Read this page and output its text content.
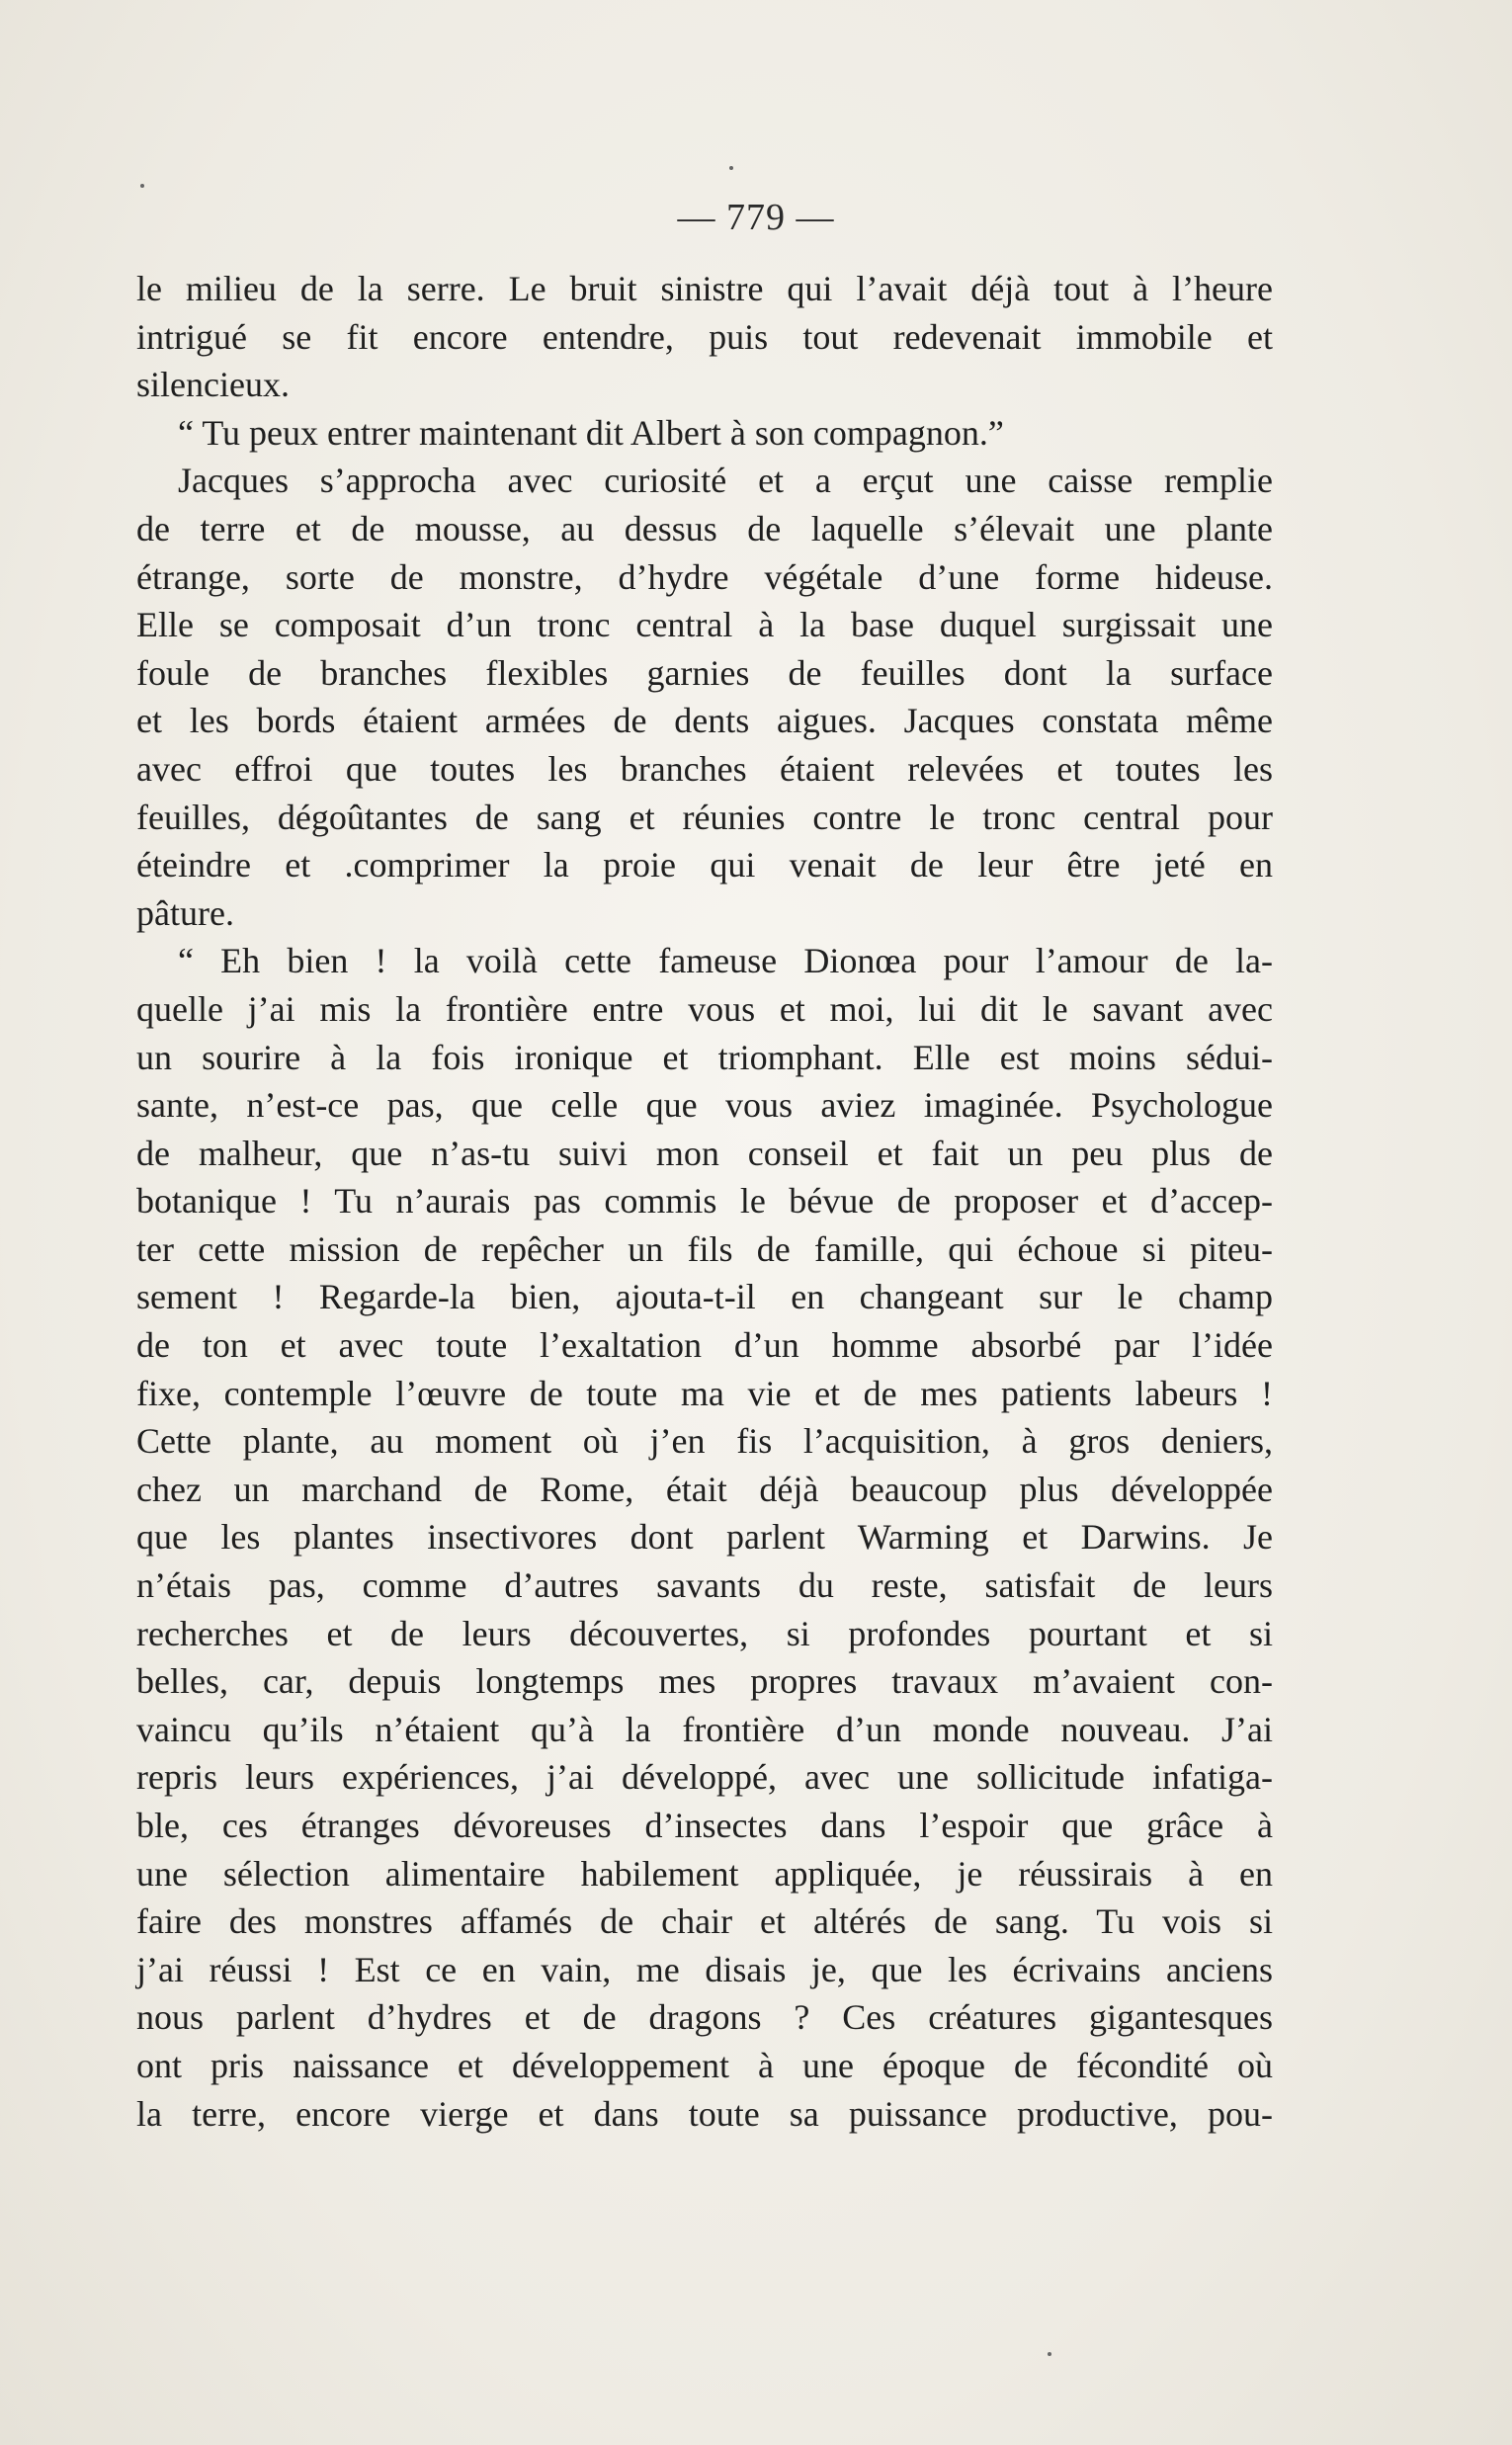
— 779 —
le milieu de la serre. Le bruit sinistre qui l’avait déjà tout à l’heure
intrigué se fit encore entendre, puis tout redevenait immobile et
silencieux.
“ Tu peux entrer maintenant dit Albert à son compagnon.”
Jacques s’approcha avec curiosité et a erçut une caisse remplie
de terre et de mousse, au dessus de laquelle s’élevait une plante
étrange, sorte de monstre, d’hydre végétale d’une forme hideuse.
Elle se composait d’un tronc central à la base duquel surgissait une
foule de branches flexibles garnies de feuilles dont la surface
et les bords étaient armées de dents aigues. Jacques constata même
avec effroi que toutes les branches étaient relevées et toutes les
feuilles, dégoûtantes de sang et réunies contre le tronc central pour
éteindre et .comprimer la proie qui venait de leur être jeté en
pâture.
“ Eh bien ! la voilà cette fameuse Dionœa pour l’amour de la-
quelle j’ai mis la frontière entre vous et moi, lui dit le savant avec
un sourire à la fois ironique et triomphant. Elle est moins sédui-
sante, n’est-ce pas, que celle que vous aviez imaginée. Psychologue
de malheur, que n’as-tu suivi mon conseil et fait un peu plus de
botanique ! Tu n’aurais pas commis le bévue de proposer et d’accep-
ter cette mission de repêcher un fils de famille, qui échoue si piteu-
sement ! Regarde-la bien, ajouta-t-il en changeant sur le champ
de ton et avec toute l’exaltation d’un homme absorbé par l’idée
fixe, contemple l’œuvre de toute ma vie et de mes patients labeurs !
Cette plante, au moment où j’en fis l’acquisition, à gros deniers,
chez un marchand de Rome, était déjà beaucoup plus développée
que les plantes insectivores dont parlent Warming et Darwins. Je
n’étais pas, comme d’autres savants du reste, satisfait de leurs
recherches et de leurs découvertes, si profondes pourtant et si
belles, car, depuis longtemps mes propres travaux m’avaient con-
vaincu qu’ils n’étaient qu’à la frontière d’un monde nouveau. J’ai
repris leurs expériences, j’ai développé, avec une sollicitude infatiga-
ble, ces étranges dévoreuses d’insectes dans l’espoir que grâce à
une sélection alimentaire habilement appliquée, je réussirais à en
faire des monstres affamés de chair et altérés de sang. Tu vois si
j’ai réussi ! Est ce en vain, me disais je, que les écrivains anciens
nous parlent d’hydres et de dragons ? Ces créatures gigantesques
ont pris naissance et développement à une époque de fécondité où
la terre, encore vierge et dans toute sa puissance productive, pou-
